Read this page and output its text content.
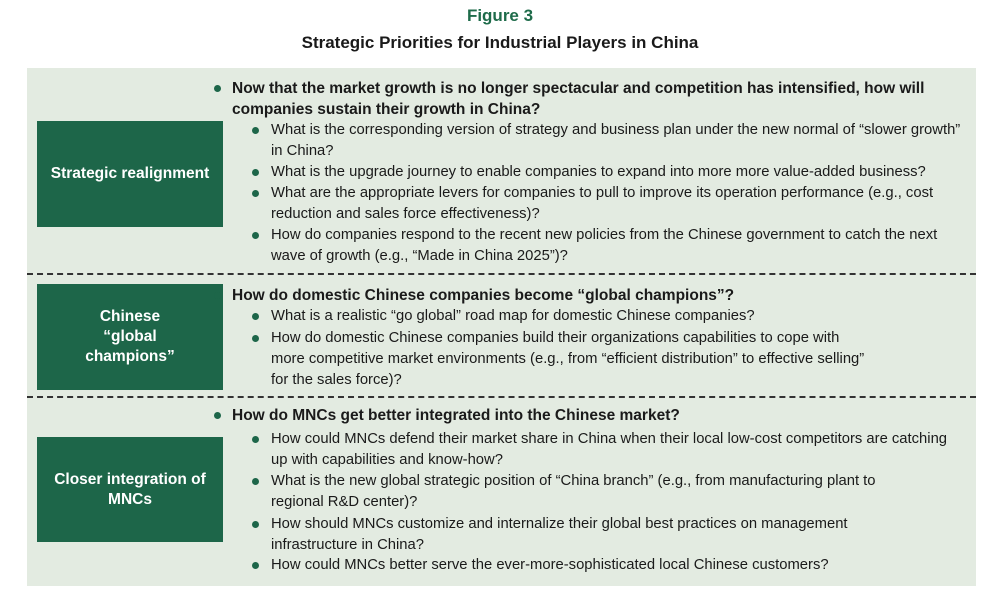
Figure 3
Strategic Priorities for Industrial Players in China
Strategic realignment
Now that the market growth is no longer spectacular and competition has intensified, how will companies sustain their growth in China?
What is the corresponding version of strategy and business plan under the new normal of “slower growth” in China?
What is the upgrade journey to enable companies to expand into more more value-added business?
What are the appropriate levers for companies to pull to improve its operation performance (e.g., cost reduction and sales force effectiveness)?
How do companies respond to the recent new policies from the Chinese government to catch the next wave of growth (e.g., “Made in China 2025”)?
Chinese “global champions”
How do domestic Chinese companies become “global champions”?
What is a realistic “go global” road map for domestic Chinese companies?
How do domestic Chinese companies build their organizations capabilities to cope with more competitive market environments (e.g., from “efficient distribution” to effective selling” for the sales force)?
Closer integration of MNCs
How do MNCs get better integrated into the Chinese market?
How could MNCs defend their market share in China when their local low-cost competitors are catching up with capabilities and know-how?
What is the new global strategic position of “China branch” (e.g., from manufacturing plant to regional R&D center)?
How should MNCs customize and internalize their global best practices on management infrastructure in China?
How could MNCs better serve the ever-more-sophisticated local Chinese customers?
